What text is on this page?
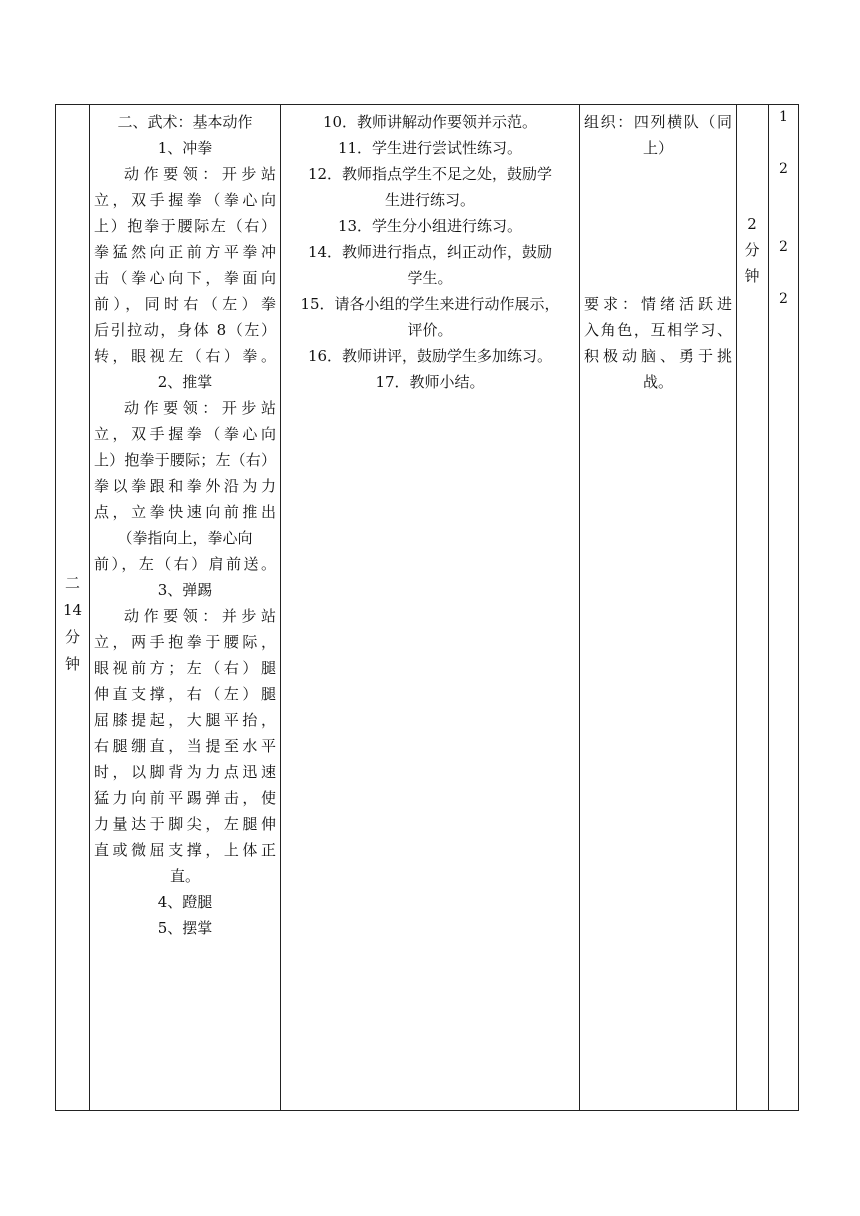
二
14
分
钟
二、武术：基本动作
1、冲拳
动作要领：开步站
立，双手握拳（拳心向
上）抱拳于腰际左（右）
拳猛然向正前方平拳冲
击（拳心向下，拳面向
前），同时右（左）拳
后引拉动，身体 8（左）
转，眼视左（右）拳。
2、推掌
动作要领：开步站
立，双手握拳（拳心向
上）抱拳于腰际；左（右）
拳以拳跟和拳外沿为力
点，立拳快速向前推出
（拳指向上，拳心向
前），左（右）肩前送。
3、弹踢
动作要领：并步站
立，两手抱拳于腰际，
眼视前方；左（右）腿
伸直支撑，右（左）腿
屈膝提起，大腿平抬，
右腿绷直，当提至水平
时，以脚背为力点迅速
猛力向前平踢弹击，使
力量达于脚尖，左腿伸
直或微屈支撑，上体正
直。
4、蹬腿
5、摆掌
10．教师讲解动作要领并示范。
11．学生进行尝试性练习。
12．教师指点学生不足之处，鼓励学
生进行练习。
13．学生分小组进行练习。
14．教师进行指点，纠正动作，鼓励
学生。
15．请各小组的学生来进行动作展示，
评价。
16．教师讲评，鼓励学生多加练习。
17．教师小结。
组织：四列横队（同
上）
要求：情绪活跃进
入角色，互相学习、
积极动脑、勇于挑
战。
2
分
钟
1
2
2
2
